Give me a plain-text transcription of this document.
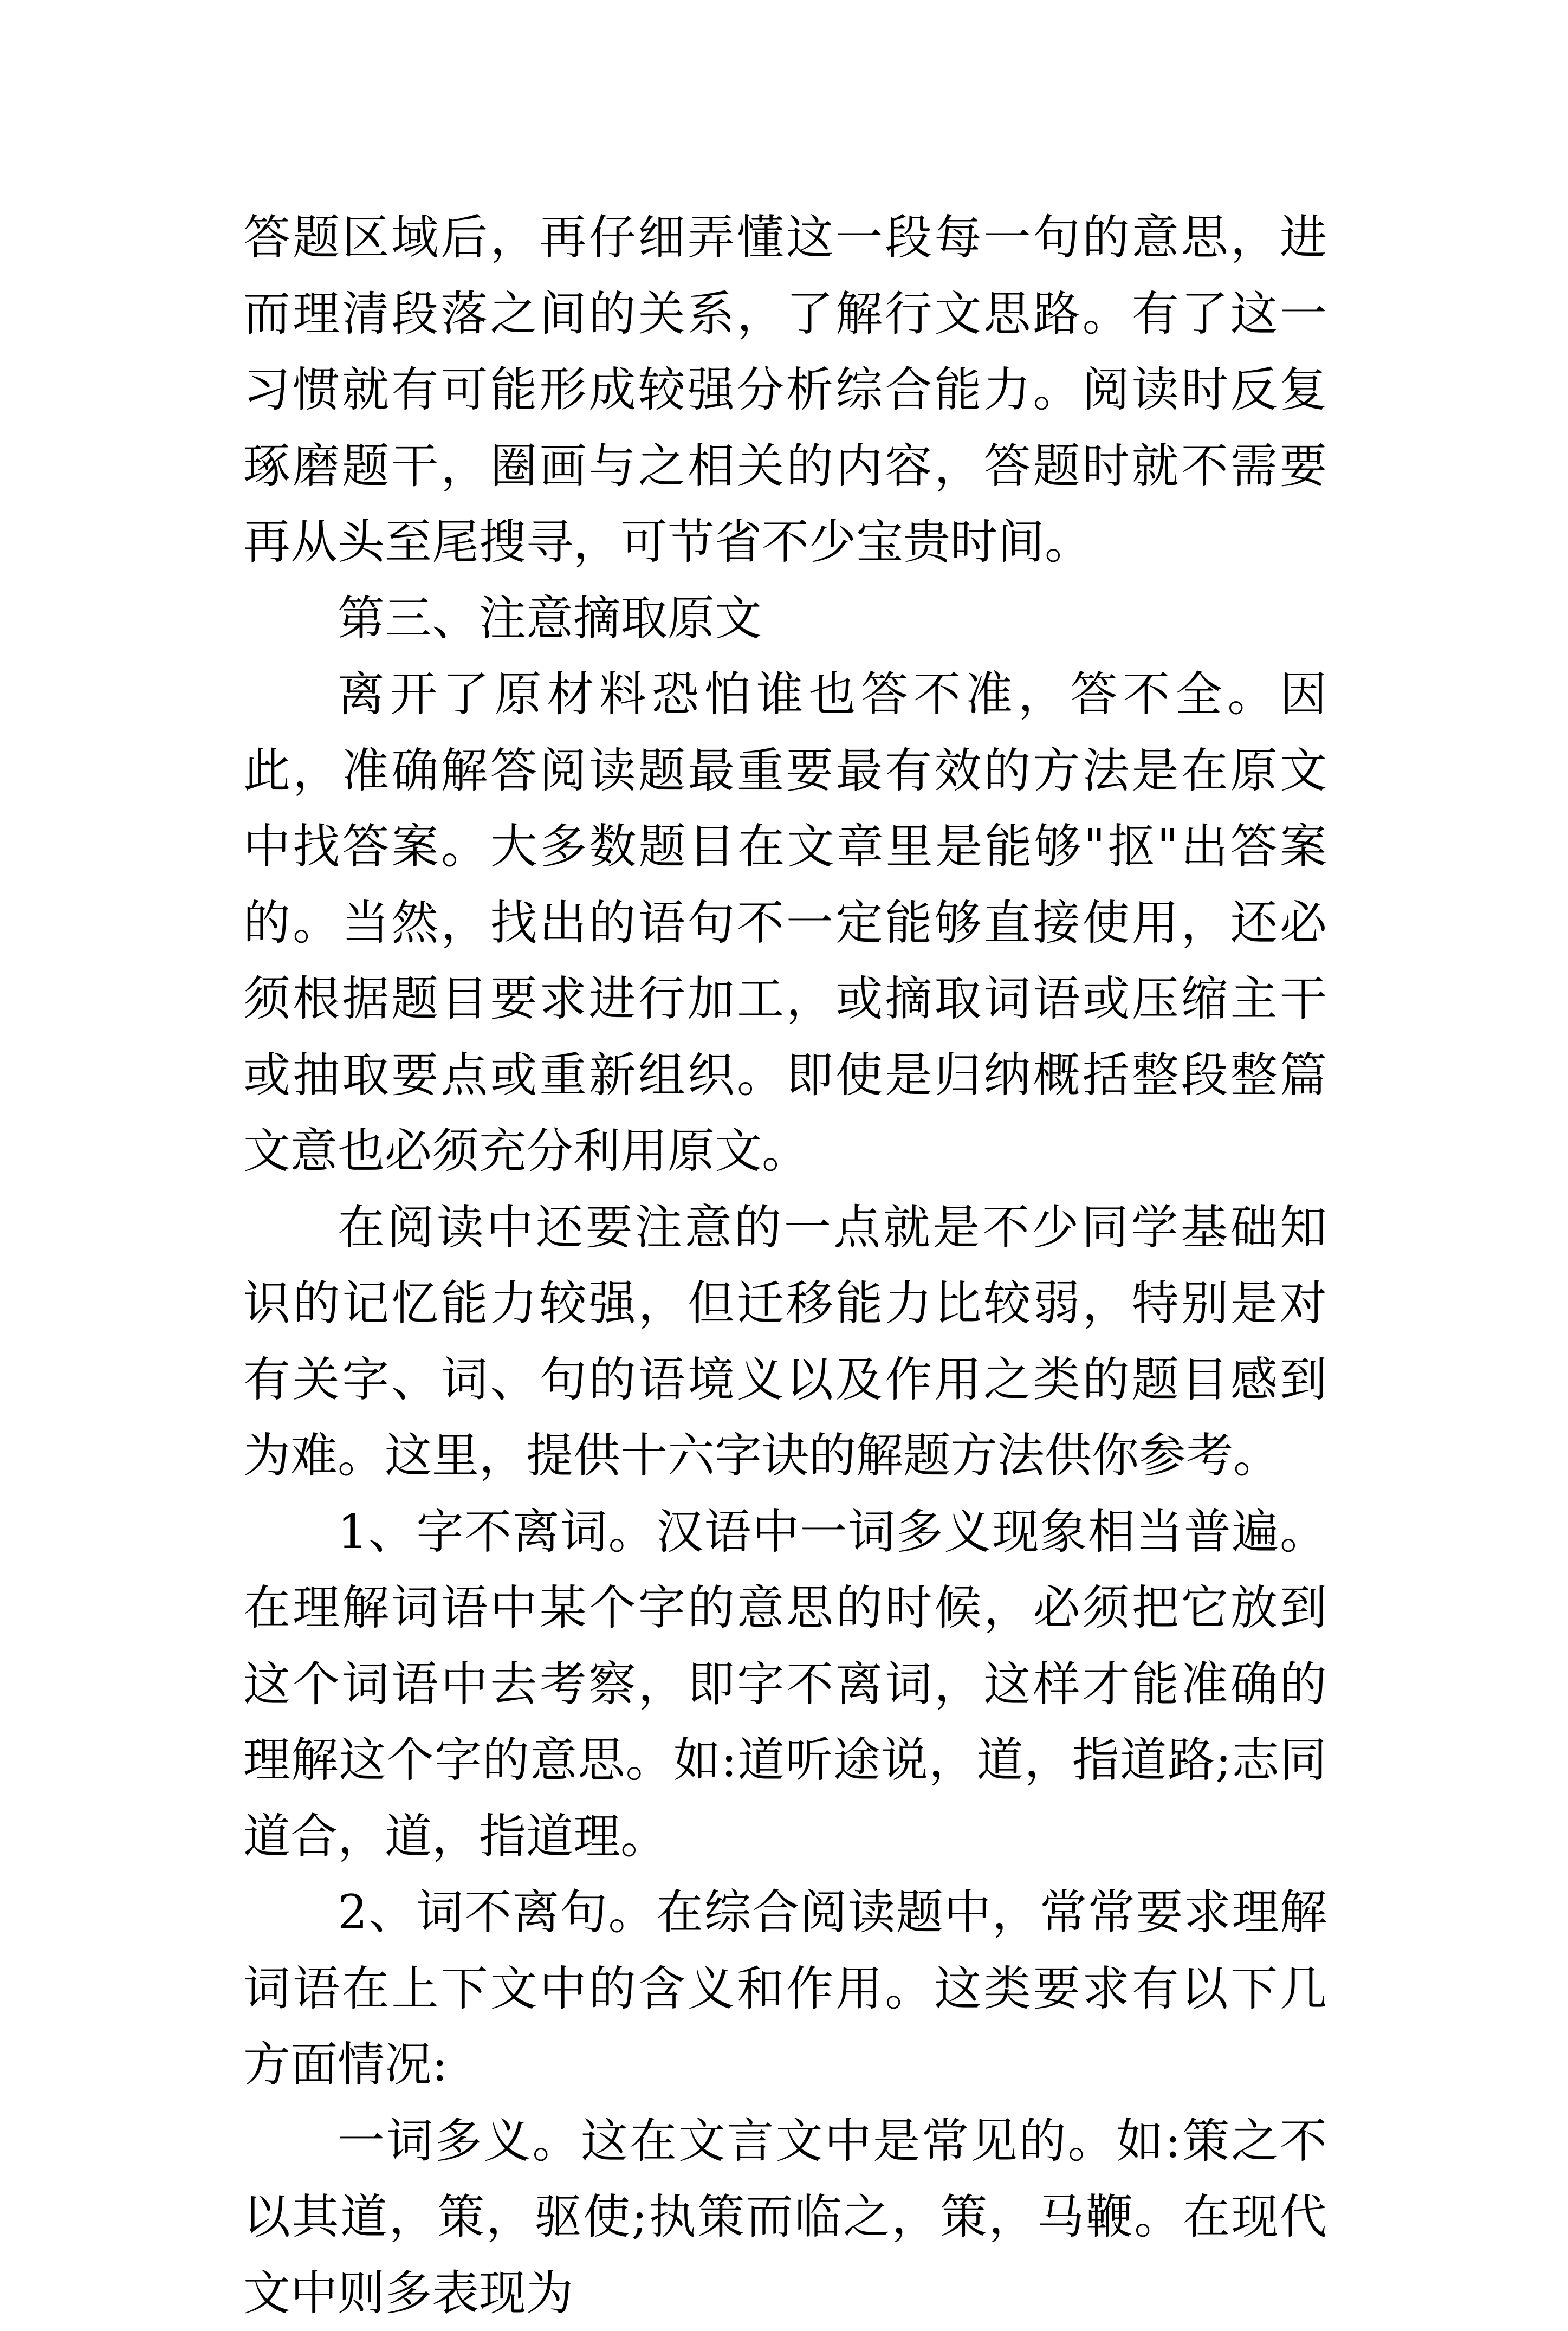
答题区域后，再仔细弄懂这一段每一句的意思，进而理清段落之间的关系，了解行文思路。有了这一习惯就有可能形成较强分析综合能力。阅读时反复琢磨题干，圈画与之相关的内容，答题时就不需要再从头至尾搜寻，可节省不少宝贵时间。

第三、注意摘取原文

离开了原材料恐怕谁也答不准，答不全。因此，准确解答阅读题最重要最有效的方法是在原文中找答案。大多数题目在文章里是能够"抠"出答案的。当然，找出的语句不一定能够直接使用，还必须根据题目要求进行加工，或摘取词语或压缩主干或抽取要点或重新组织。即使是归纳概括整段整篇文意也必须充分利用原文。

在阅读中还要注意的一点就是不少同学基础知识的记忆能力较强，但迁移能力比较弱，特别是对有关字、词、句的语境义以及作用之类的题目感到为难。这里，提供十六字诀的解题方法供你参考。

1、字不离词。汉语中一词多义现象相当普遍。在理解词语中某个字的意思的时候，必须把它放到这个词语中去考察，即字不离词，这样才能准确的理解这个字的意思。如:道听途说，道，指道路;志同道合，道，指道理。

2、词不离句。在综合阅读题中，常常要求理解词语在上下文中的含义和作用。这类要求有以下几方面情况:

一词多义。这在文言文中是常见的。如:策之不以其道，策，驱使;执策而临之，策，马鞭。在现代文中则多表现为
